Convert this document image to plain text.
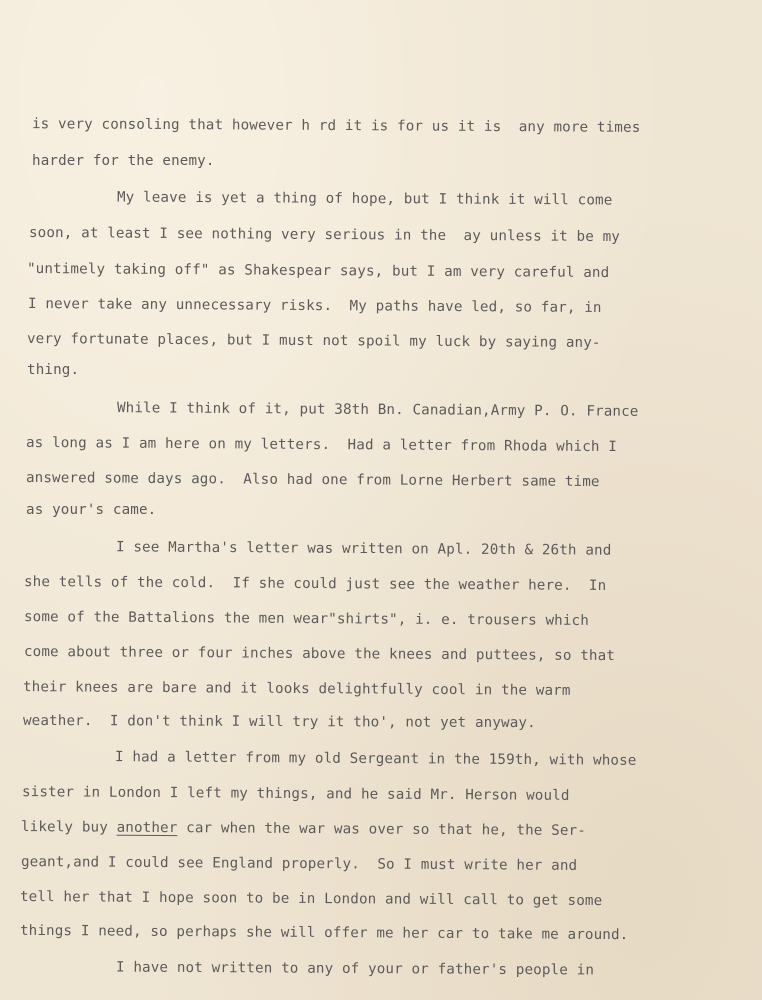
is very consoling that however h rd it is for us it is  any more times
harder for the enemy.
My leave is yet a thing of hope, but I think it will come
soon, at least I see nothing very serious in the  ay unless it be my
"untimely taking off" as Shakespear says, but I am very careful and
I never take any unnecessary risks.  My paths have led, so far, in
very fortunate places, but I must not spoil my luck by saying any-
thing.
While I think of it, put 38th Bn. Canadian,Army P. O. France
as long as I am here on my letters.  Had a letter from Rhoda which I
answered some days ago.  Also had one from Lorne Herbert same time
as your's came.
I see Martha's letter was written on Apl. 20th & 26th and
she tells of the cold.  If she could just see the weather here.  In
some of the Battalions the men wear"shirts", i. e. trousers which
come about three or four inches above the knees and puttees, so that
their knees are bare and it looks delightfully cool in the warm
weather.  I don't think I will try it tho', not yet anyway.
I had a letter from my old Sergeant in the 159th, with whose
sister in London I left my things, and he said Mr. Herson would
likely buy another car when the war was over so that he, the Ser-
geant,and I could see England properly.  So I must write her and
tell her that I hope soon to be in London and will call to get some
things I need, so perhaps she will offer me her car to take me around.
I have not written to any of your or father's people in
